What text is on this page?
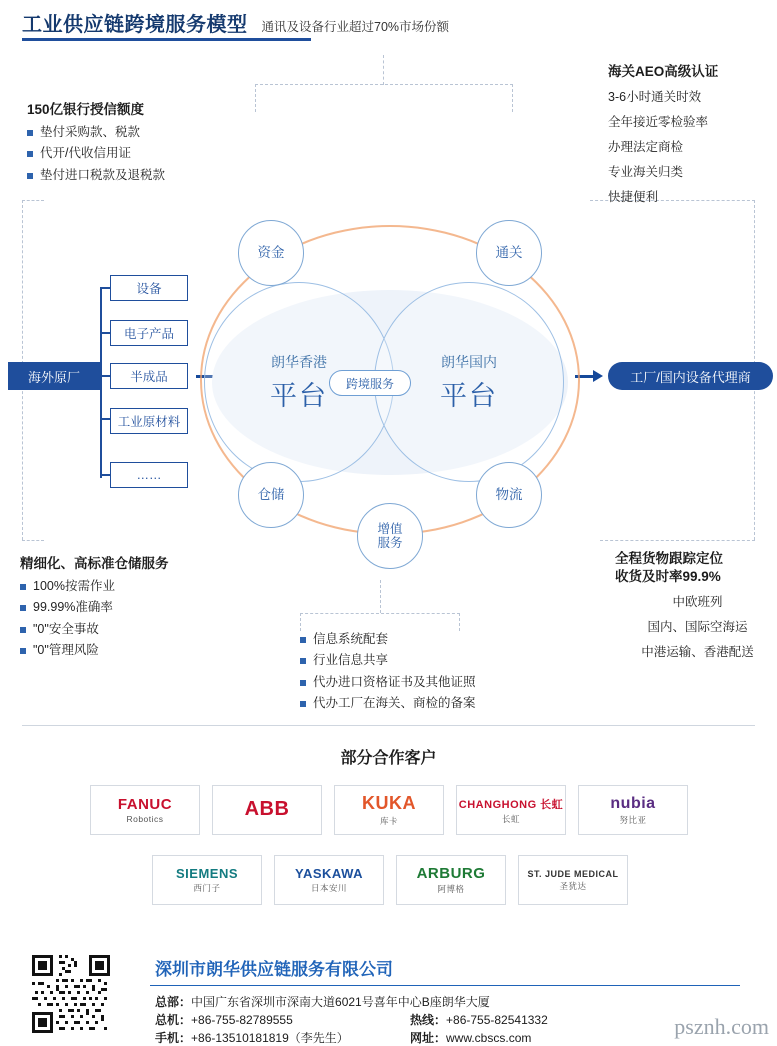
工业供应链跨境服务模型 通讯及设备行业超过70%市场份额
150亿银行授信额度
垫付采购款、税款
代开/代收信用证
垫付进口税款及退税款
海关AEO高级认证
3-6小时通关时效
全年接近零检验率
办理法定商检
专业海关归类
快捷便利
海外原厂
设备
电子产品
半成品
工业原材料
……
工厂/国内设备代理商
朗华香港
平台
朗华国内
平台
跨境服务
资金	通关
仓储	物流
增值
服务
精细化、高标准仓储服务
100%按需作业
99.99%准确率
"0"安全事故
"0"管理风险
全程货物跟踪定位
收货及时率99.9%
中欧班列
国内、国际空海运
中港运输、香港配送
信息系统配套
行业信息共享
代办进口资格证书及其他证照
代办工厂在海关、商检的备案
部分合作客户
FANUC
Robotics	ABB	KUKA
库卡
CHANGHONG 长虹
长虹
nubia
努比亚
SIEMENS
西门子
YASKAWA
日本安川
ARBURG
阿博格
ST. JUDE MEDICAL
圣犹达
深圳市朗华供应链服务有限公司
总部：中国广东省深圳市深南大道6021号喜年中心B座朗华大厦
总机：+86-755-82789555	热线：+86-755-82541332
手机：+86-13510181819（李先生）	网址：www.cbscs.com	psznh.com
